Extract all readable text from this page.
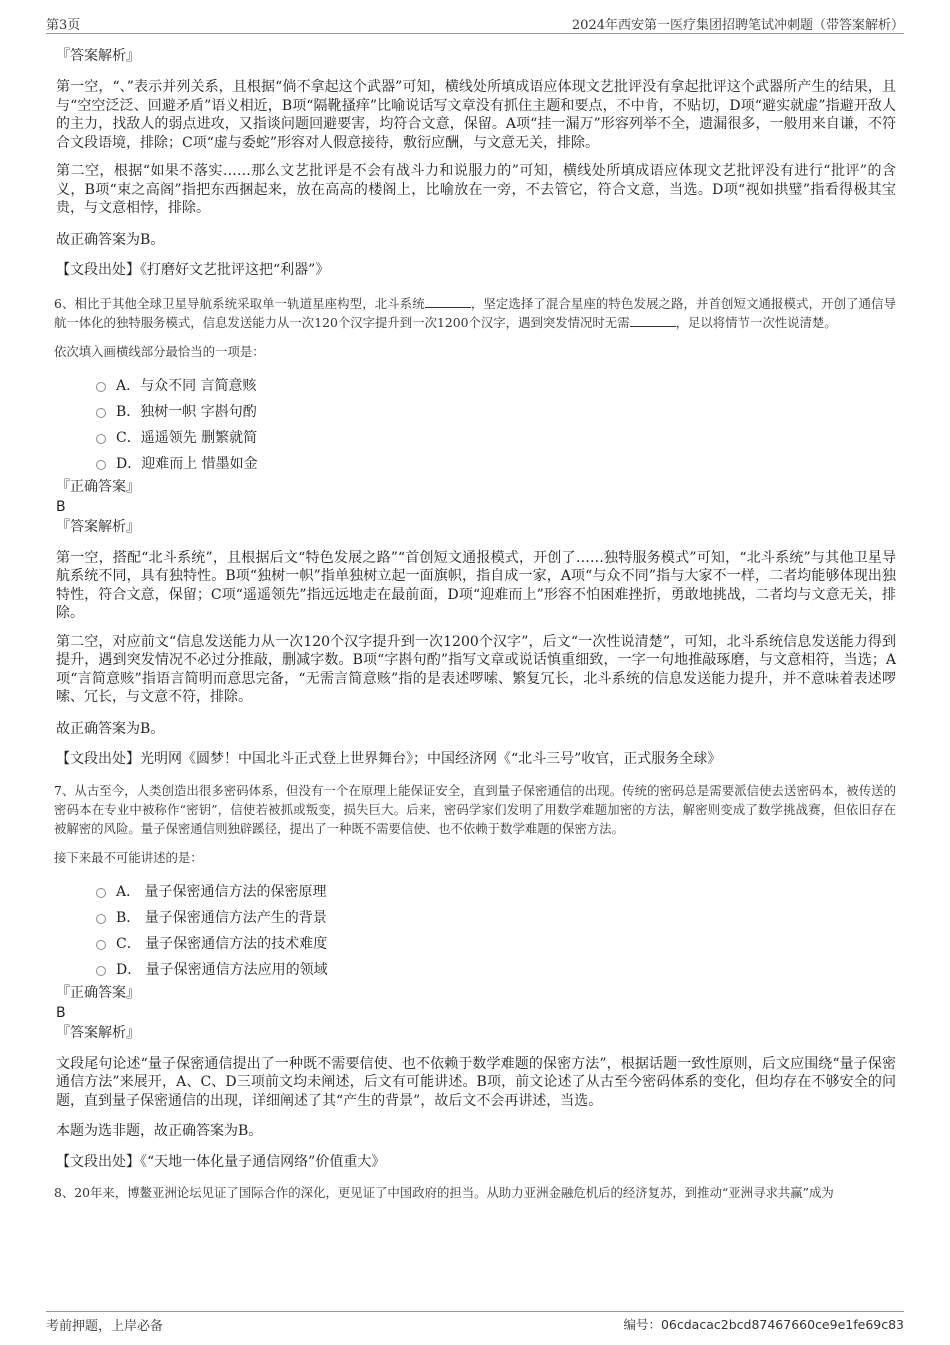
第3页	2024年西安第一医疗集团招聘笔试冲刺题（带答案解析）
『答案解析』
第一空，“、”表示并列关系，且根据“倘不拿起这个武器”可知，横线处所填成语应体现文艺批评没有拿起批评这个武器所产生的结果，且与“空空泛泛、回避矛盾”语义相近，B项“隔靴搔痒”比喻说话写文章没有抓住主题和要点，不中肯，不贴切，D项“避实就虚”指避开敌人的主力，找敌人的弱点进攻，又指谈问题回避要害，均符合文意，保留。A项“挂一漏万”形容列举不全，遗漏很多，一般用来自谦，不符合文段语境，排除；C项“虚与委蛇”形容对人假意接待，敷衍应酬，与文意无关，排除。
第二空，根据“如果不落实……那么文艺批评是不会有战斗力和说服力的”可知，横线处所填成语应体现文艺批评没有进行“批评”的含义，B项“束之高阁”指把东西捆起来，放在高高的楼阁上，比喻放在一旁，不去管它，符合文意，当选。D项“视如拱璧”指看得极其宝贵，与文意相悖，排除。
故正确答案为B。
【文段出处】《打磨好文艺批评这把“利器”》
6、相比于其他全球卫星导航系统采取单一轨道星座构型，北斗系统	，坚定选择了混合星座的特色发展之路，并首创短文通报模式，开创了通信导航一体化的独特服务模式，信息发送能力从一次120个汉字提升到一次1200个汉字，遇到突发情况时无需	，足以将情节一次性说清楚。
依次填入画横线部分最恰当的一项是：
A．与众不同 言简意赅
B．独树一帜 字斟句酌
C．遥遥领先 删繁就简
D．迎难而上 惜墨如金
『正确答案』
B
『答案解析』
第一空，搭配“北斗系统”，且根据后文“特色发展之路”“首创短文通报模式，开创了……独特服务模式”可知，“北斗系统”与其他卫星导航系统不同，具有独特性。B项“独树一帜”指单独树立起一面旗帜，指自成一家，A项“与众不同”指与大家不一样，二者均能够体现出独特性，符合文意，保留；C项“遥遥领先”指远远地走在最前面，D项“迎难而上”形容不怕困难挫折，勇敢地挑战，二者均与文意无关，排除。
第二空，对应前文“信息发送能力从一次120个汉字提升到一次1200个汉字”，后文“一次性说清楚”，可知，北斗系统信息发送能力得到提升，遇到突发情况不必过分推敲，删减字数。B项“字斟句酌”指写文章或说话慎重细致，一字一句地推敲琢磨，与文意相符，当选；A项“言简意赅”指语言简明而意思完备，“无需言简意赅”指的是表述啰嗦、繁复冗长，北斗系统的信息发送能力提升，并不意味着表述啰嗦、冗长，与文意不符，排除。
故正确答案为B。
【文段出处】光明网《圆梦！中国北斗正式登上世界舞台》；中国经济网《“北斗三号”收官，正式服务全球》
7、从古至今，人类创造出很多密码体系，但没有一个在原理上能保证安全，直到量子保密通信的出现。传统的密码总是需要派信使去送密码本，被传送的密码本在专业中被称作“密钥”，信使若被抓或叛变，损失巨大。后来，密码学家们发明了用数学难题加密的方法，解密则变成了数学挑战赛，但依旧存在被解密的风险。量子保密通信则独辟蹊径，提出了一种既不需要信使、也不依赖于数学难题的保密方法。
接下来最不可能讲述的是：
A． 量子保密通信方法的保密原理
B． 量子保密通信方法产生的背景
C． 量子保密通信方法的技术难度
D． 量子保密通信方法应用的领域
『正确答案』
B
『答案解析』
文段尾句论述“量子保密通信提出了一种既不需要信使、也不依赖于数学难题的保密方法”，根据话题一致性原则，后文应围绕“量子保密通信方法”来展开，A、C、D三项前文均未阐述，后文有可能讲述。B项，前文论述了从古至今密码体系的变化，但均存在不够安全的问题，直到量子保密通信的出现，详细阐述了其“产生的背景”，故后文不会再讲述，当选。
本题为选非题，故正确答案为B。
【文段出处】《“天地一体化量子通信网络”价值重大》
8、20年来，博鳌亚洲论坛见证了国际合作的深化，更见证了中国政府的担当。从助力亚洲金融危机后的经济复苏，到推动“亚洲寻求共赢”成为
考前押题，上岸必备	编号：06cdacac2bcd87467660ce9e1fe69c83
